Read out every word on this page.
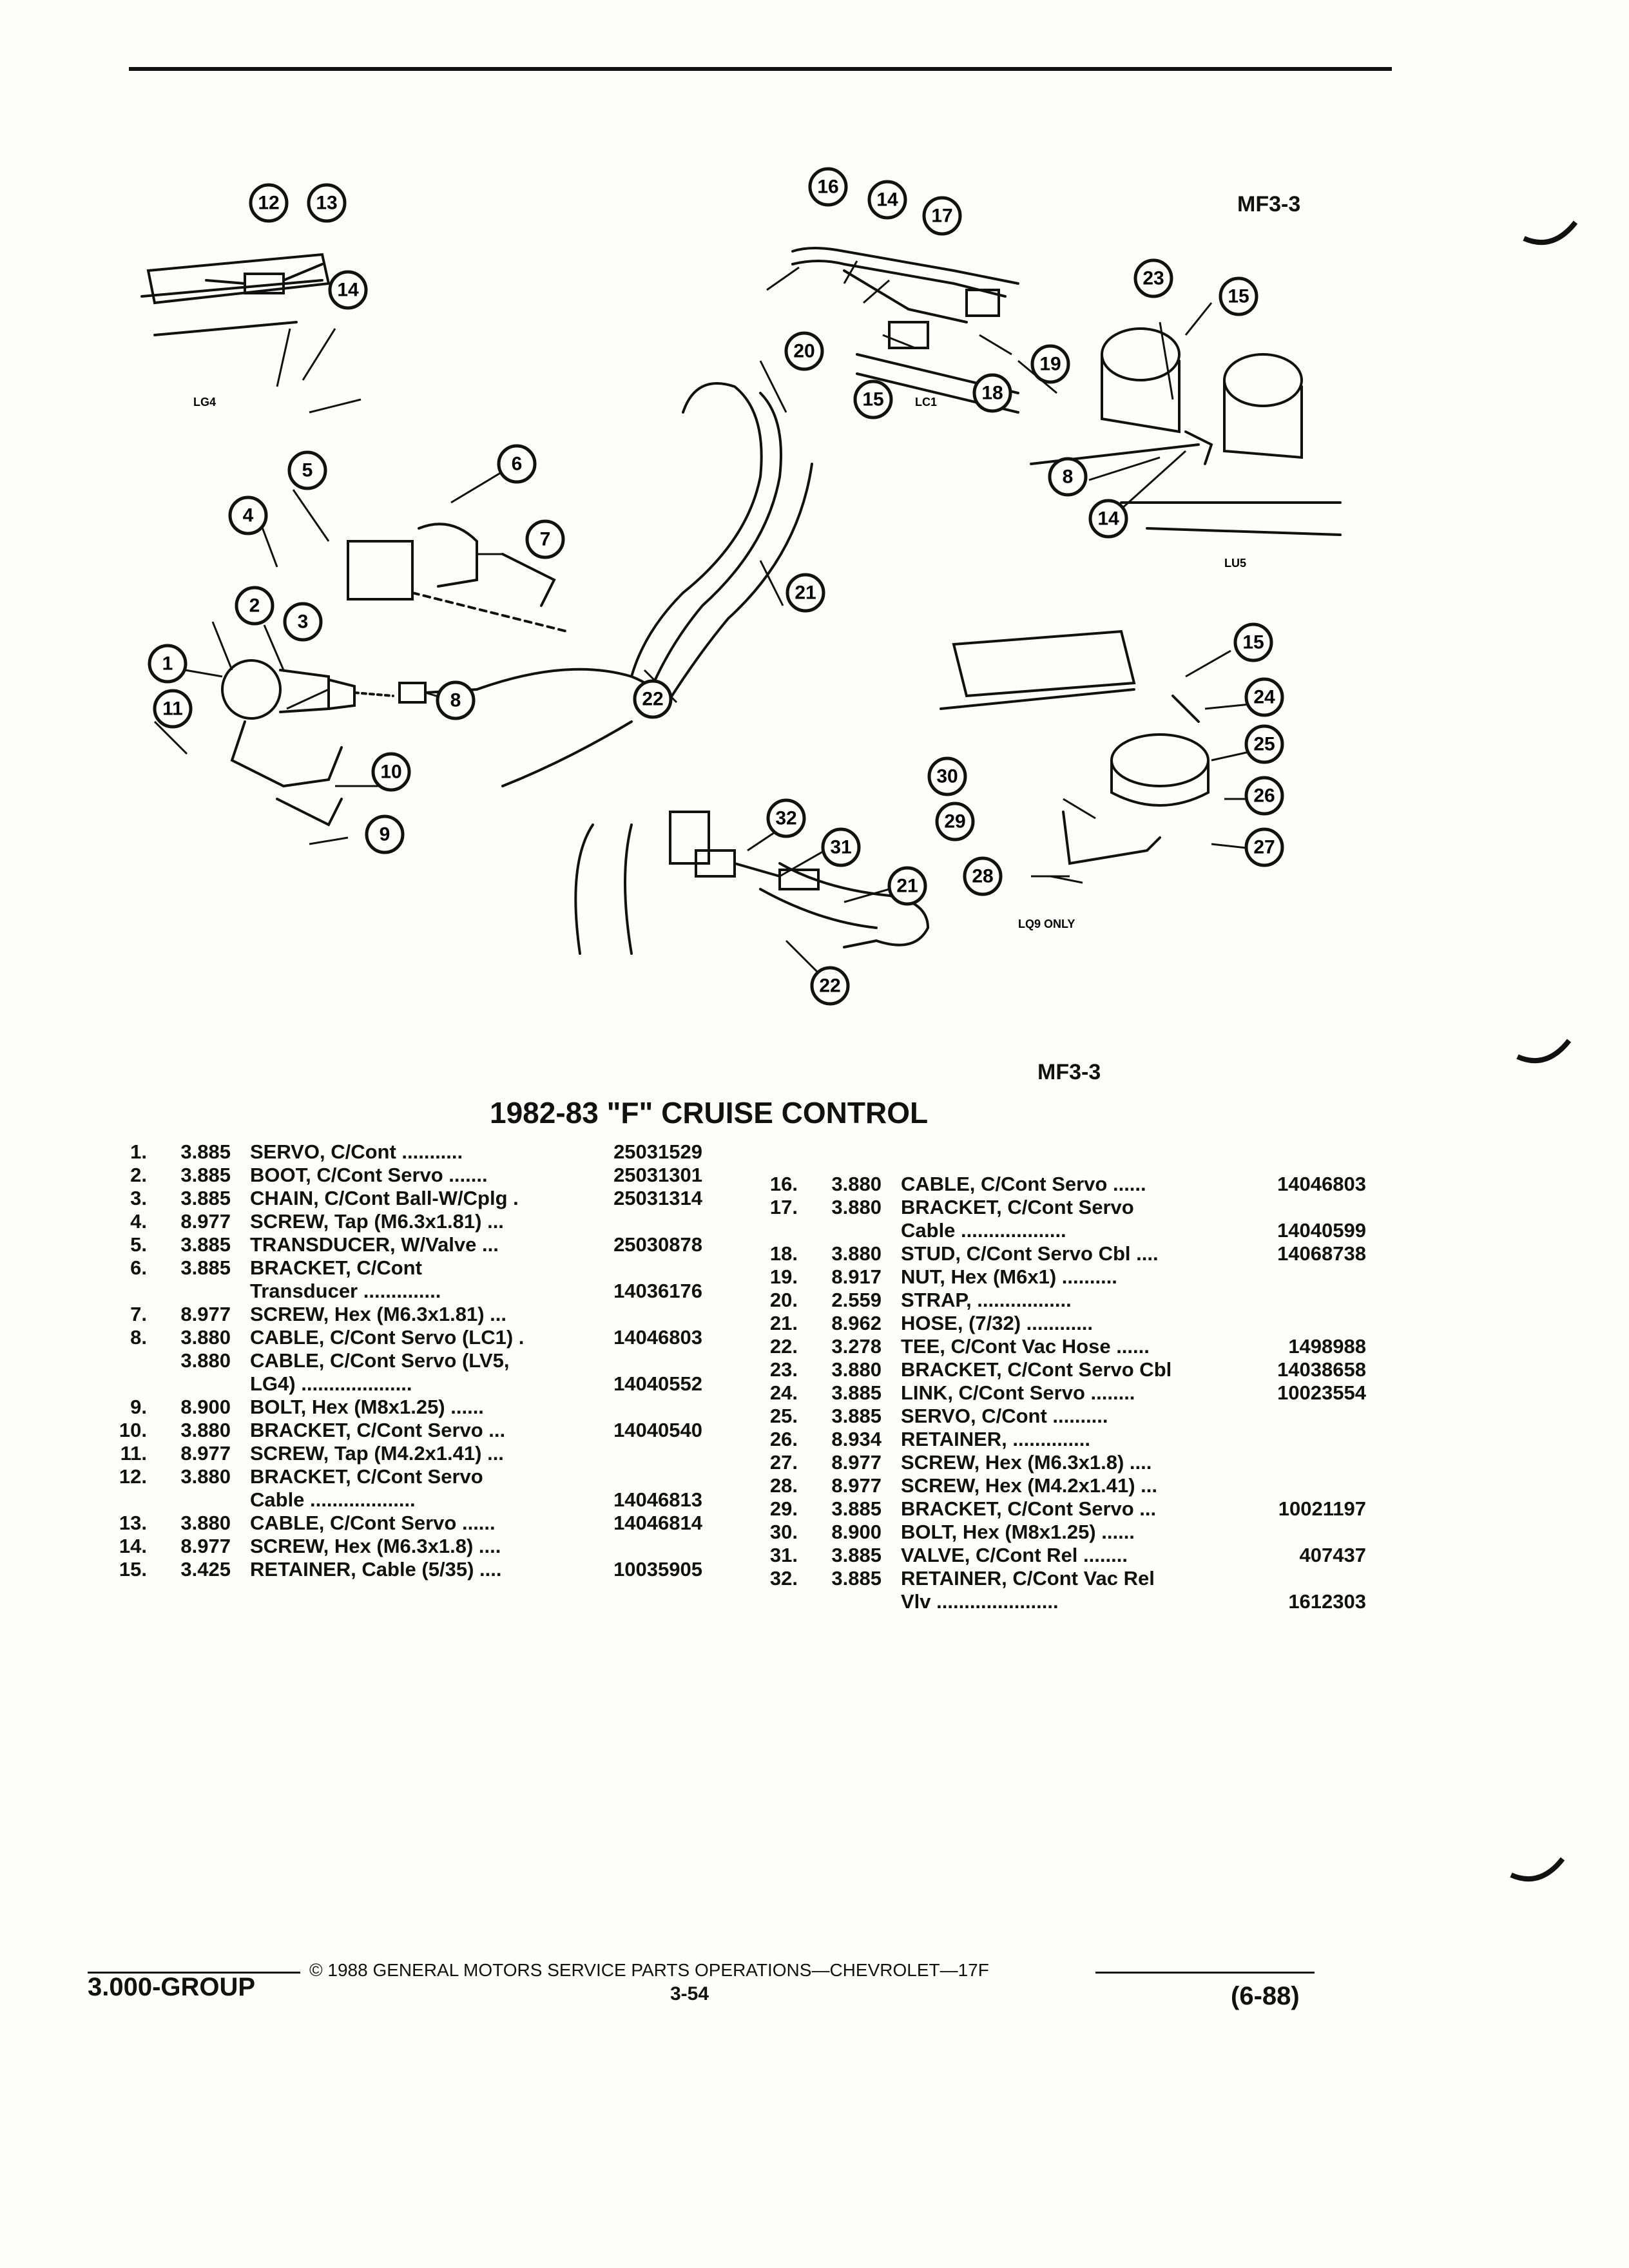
MF3-3
LG4	LC1
LU5
LQ9 ONLY
1
2
3
4
5	6
7
8
9
10
11
12 13
14
16
14
17
20
15	18
19
23
15
8
14
21
22
15
24
25
26
27
30
29
28
32
31
21
22
MF3-3
1982-83 "F" CRUISE CONTROL
1.	3.885 SERVO, C/Cont ...........	25031529
2.	3.885 BOOT, C/Cont Servo .......	25031301
3.	3.885 CHAIN, C/Cont Ball-W/Cplg .	25031314
4.	8.977 SCREW, Tap (M6.3x1.81) ...
5.	3.885 TRANSDUCER, W/Valve ...	25030878
6.	3.885 BRACKET, C/Cont
Transducer ..............	14036176
7.	8.977 SCREW, Hex (M6.3x1.81) ...
8.	3.880 CABLE, C/Cont Servo (LC1) .	14046803
3.880 CABLE, C/Cont Servo (LV5,
LG4) ....................	14040552
9.	8.900 BOLT, Hex (M8x1.25) ......
10.	3.880 BRACKET, C/Cont Servo ...	14040540
11.	8.977 SCREW, Tap (M4.2x1.41) ...
12.	3.880 BRACKET, C/Cont Servo
Cable ...................	14046813
13.	3.880 CABLE, C/Cont Servo ......	14046814
14.	8.977 SCREW, Hex (M6.3x1.8) ....
15.	3.425 RETAINER, Cable (5/35) ....	10035905
16.	3.880 CABLE, C/Cont Servo ......	14046803
17.	3.880 BRACKET, C/Cont Servo
Cable ...................	14040599
18.	3.880 STUD, C/Cont Servo Cbl ....	14068738
19.	8.917 NUT, Hex (M6x1) ..........
20.	2.559 STRAP, .................
21.	8.962 HOSE, (7/32) ............
22.	3.278 TEE, C/Cont Vac Hose ......	1498988
23.	3.880 BRACKET, C/Cont Servo Cbl	14038658
24.	3.885 LINK, C/Cont Servo ........	10023554
25.	3.885 SERVO, C/Cont ..........
26.	8.934 RETAINER, ..............
27.	8.977 SCREW, Hex (M6.3x1.8) ....
28.	8.977 SCREW, Hex (M4.2x1.41) ...
29.	3.885 BRACKET, C/Cont Servo ...	10021197
30.	8.900 BOLT, Hex (M8x1.25) ......
31.	3.885 VALVE, C/Cont Rel ........	407437
32.	3.885 RETAINER, C/Cont Vac Rel
Vlv ......................	1612303
3.000-GROUP
© 1988 GENERAL MOTORS SERVICE PARTS OPERATIONS—CHEVROLET—17F
3-54	(6-88)
